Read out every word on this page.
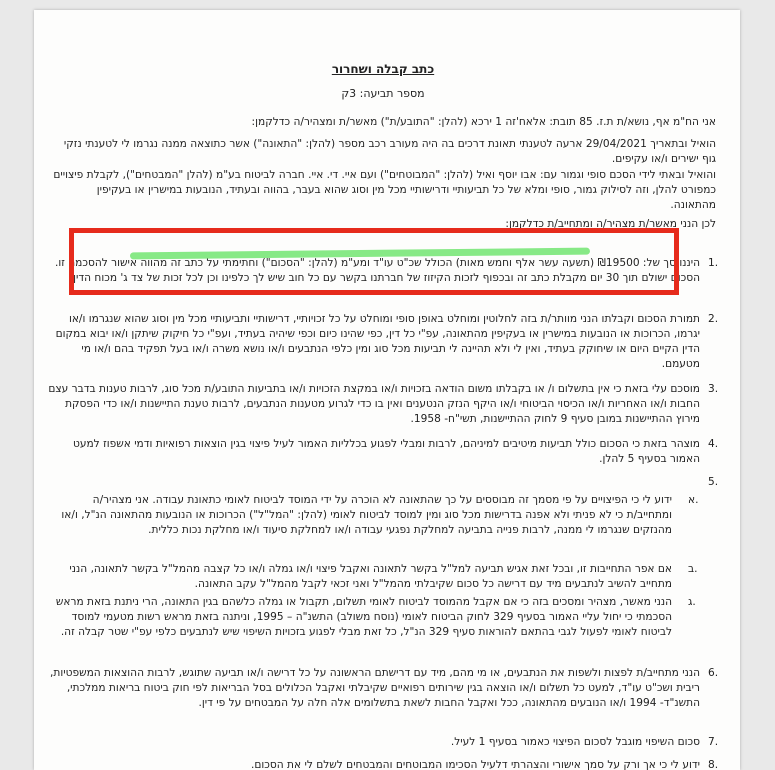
כתב קבלה ושחרור
מספר תביעה: 3ק
אני הח"מ אף, נושא/ת ת.ז. 85 תובת: אלאח'זה 1 ירכא (להלן: "התובע/ת") מאשר/ת ומצהיר/ה כדלקמן:
הואיל ובתאריך 29/04/2021 ארעה לטענתי תאונת דרכים בה היה מעורב רכב מספר (להלן: "התאונה") אשר כתוצאה ממנה נגרמו לי לטענתי נזקי גוף ישירים ו/או עקיפים.
והואיל ובאתי לידי הסכם סופי וגמור עם: אבו יוסף ואיל (להלן: "המבוטחים") ועם איי. די. איי. חברה לביטוח בע"מ (להלן "המבטחים"), לקבלת פיצויים כמפורט להלן, וזה לסילוק גמור, סופי ומלא של כל תביעותיי ודרישותיי מכל מין וסוג שהוא בעבר, בהווה ובעתיד, הנובעות במישרין או בעקיפין מהתאונה.
לכן הנני מאשר/ת מצהיר/ה ומתחייב/ת כדלקמן:
1.
היננו סך של: ₪19500 (תשעה עשר אלף וחמש מאות) הכולל שכ"ט עו"ד ומע"מ (להלן: "הסכום") וחתימתי על כתב זה מהווה אישור להסכמה זו. הסכום ישולם תוך 30 יום מקבלת כתב זה ובכפוף לזכות הקיזוז של חברתנו בקשר עם כל חוב שיש לך כלפינו וכן לכל זכות של צד ג' מכוח הדין.
2.
תמורת הסכום וקבלתו הנני מוותר/ת בזה לחלוטין ומוחלט באופן סופי ומוחלט על כל זכויותיי, דרישותיי ותביעותיי מכל מין וסוג שהוא שנגרמו ו/או יגרמו, הכרוכות או הנובעות במישרין או בעקיפין מהתאונה, עפ"י כל דין, כפי שהינו כיום וכפי שיהיה בעתיד, ועפ"י כל חיקוק שיתקן ו/או יבוא במקום הדין הקיים היום או שיחוקק בעתיד, ואין לי ולא תהיינה לי תביעות מכל סוג ומין כלפי הנתבעים ו/או נושא משרה ו/או בעל תפקיד בהם ו/או מי מטעמם.
3.
מוסכם עלי בזאת כי אין בתשלום ו/ או בקבלתו משום הודאה בזכויות ו/או במקצת הזכויות ו/או בתביעות התובע/ת מכל סוג, לרבות טענות בדבר עצם החבות ו/או האחריות ו/או הכיסוי הביטוחי ו/או היקף הנזק הנטענים ואין בו כדי לגרוע מטענות הנתבעים, לרבות טענת התיישנות ו/או כדי הפסקת מירוץ ההתיישנות במובן סעיף 9 לחוק ההתיישנות, תשי"ח- 1958.
4.
מוצהר בזאת כי הסכום כולל תביעות מיטיבים למיניהם, לרבות ומבלי לפגוע בכלליות האמור לעיל פיצוי בגין הוצאות רפואיות ודמי אשפוז למעט האמור בסעיף 5 להלן.
5.
א.
ידוע לי כי הפיצויים על פי מסמך זה מבוססים על כך שהתאונה לא הוכרה על ידי המוסד לביטוח לאומי כתאונת עבודה. אני מצהיר/ה ומתחייב/ת כי לא פניתי ולא אפנה בדרישות מכל סוג ומין למוסד לביטוח לאומי (להלן: "המל"ל") הכרוכות או הנובעות מהתאונה הנ"ל, ו/או מהנזקים שנגרמו לי ממנה, לרבות פנייה בתביעה למחלקת נפגעי עבודה ו/או למחלקת סיעוד ו/או מחלקת נכות כללית.
ב.
אם אפר התחייבות זו, ובכל זאת אגיש תביעה למל"ל בקשר לתאונה ואקבל פיצוי ו/או גמלה ו/או כל קצבה מהמל"ל בקשר לתאונה, הנני מתחייב להשיב לנתבעים מיד עם דרישה כל סכום שקיבלתי מהמל"ל ואני זכאי לקבל מהמל"ל עקב התאונה.
ג.
הנני מאשר, מצהיר ומסכים בזה כי אם אקבל מהמוסד לביטוח לאומי תשלום, תקבול או גמלה כלשהם בגין התאונה, הרי ניתנת בזאת מראש הסכמתי כי יחול עליי האמור בסעיף 329 לחוק הביטוח לאומי (נוסח משולב) התשנ"ה – 1995, וניתנה בזאת מראש רשות מטעמי למוסד לביטוח לאומי לפעול לגבי בהתאם להוראות סעיף 329 הנ"ל, כל זאת מבלי לפגוע בזכויות השיפוי שיש לנתבעים כלפי עפ"י שטר קבלה זה.
6.
הנני מתחייב/ת לפצות ולשפות את הנתבעים, או מי מהם, מיד עם דרישתם הראשונה על כל דרישה ו/או תביעה שתוגש, לרבות ההוצאות המשפטיות, ריבית ושכ"ט עו"ד, למעט כל תשלום ו/או הוצאה בגין שירותים רפואיים שקיבלתי ואקבל הכלולים בסל הבריאות לפי חוק ביטוח בריאות ממלכתי, התשנ"ד- 1994 ו/או הנובעים מהתאונה, ככל ואקבל החבות לשאת בתשלומים אלה חלה על המבטחים על פי דין.
7.
סכום השיפוי מוגבל לסכום הפיצוי כאמור בסעיף 1 לעיל.
8.
ידוע לי כי אך ורק על סמך אישורי והצהרתי דלעיל הסכימו המבוטחים והמבטחים לשלם לי את הסכום.
